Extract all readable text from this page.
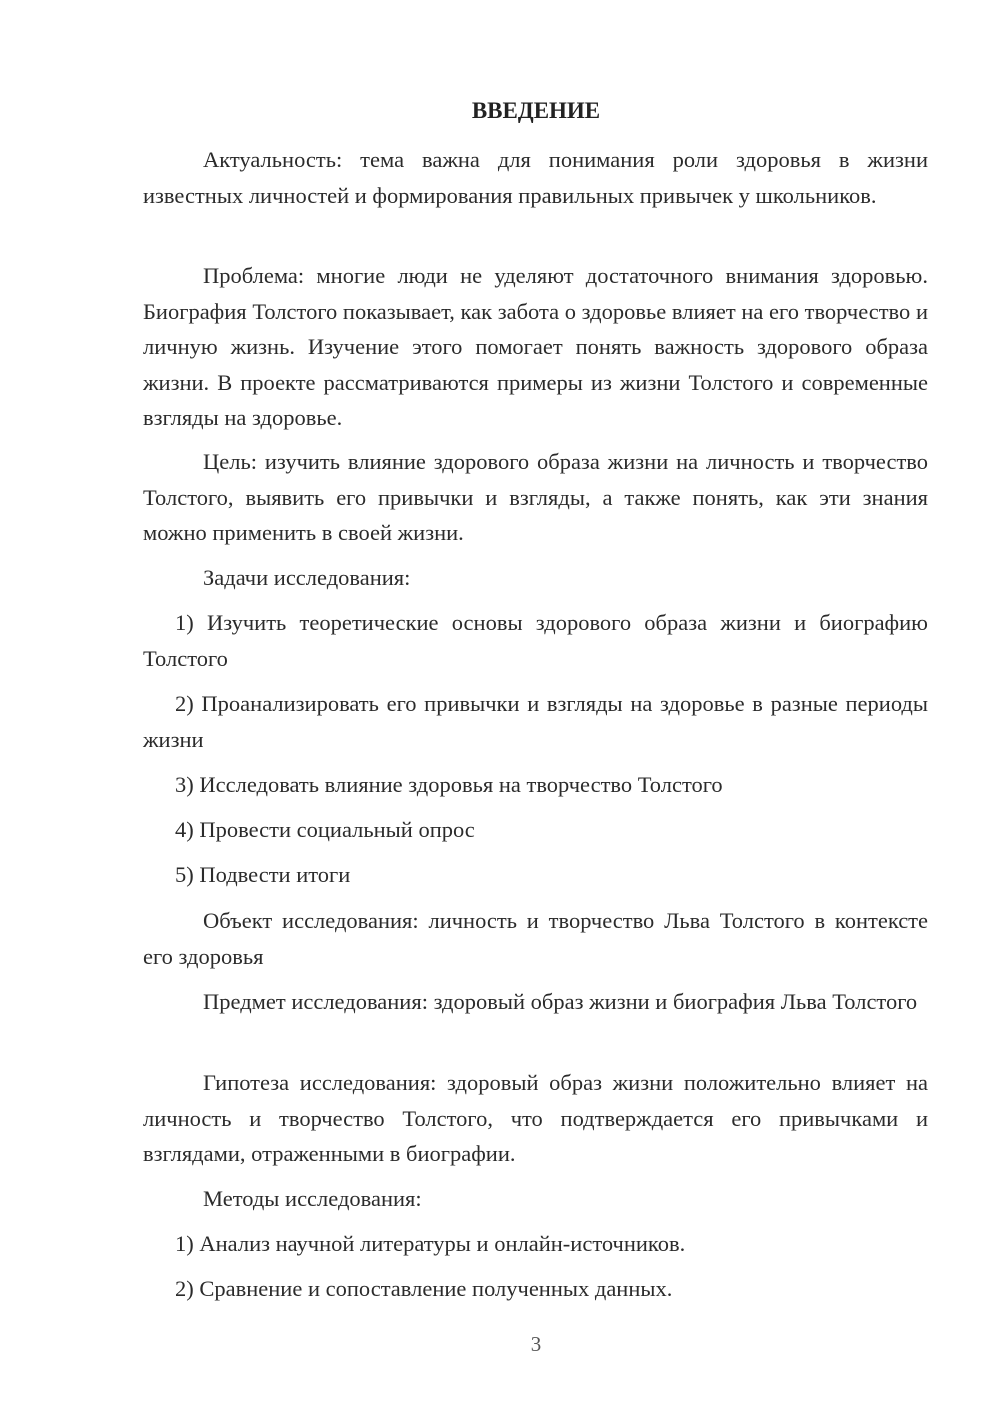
ВВЕДЕНИЕ

Актуальность: тема важна для понимания роли здоровья в жизни известных личностей и формирования правильных привычек у школьников.

Проблема: многие люди не уделяют достаточного внимания здоровью. Биография Толстого показывает, как забота о здоровье влияет на его творчество и личную жизнь. Изучение этого помогает понять важность здорового образа жизни. В проекте рассматриваются примеры из жизни Толстого и современные взгляды на здоровье.

Цель: изучить влияние здорового образа жизни на личность и творчество Толстого, выявить его привычки и взгляды, а также понять, как эти знания можно применить в своей жизни.

Задачи исследования:

1) Изучить теоретические основы здорового образа жизни и биографию Толстого

2) Проанализировать его привычки и взгляды на здоровье в разные периоды жизни

3) Исследовать влияние здоровья на творчество Толстого

4) Провести социальный опрос

5) Подвести итоги

Объект исследования: личность и творчество Льва Толстого в контексте его здоровья

Предмет исследования: здоровый образ жизни и биография Льва Толстого

Гипотеза исследования: здоровый образ жизни положительно влияет на личность и творчество Толстого, что подтверждается его привычками и взглядами, отраженными в биографии.

Методы исследования:

1) Анализ научной литературы и онлайн-источников.

2) Сравнение и сопоставление полученных данных.

3
